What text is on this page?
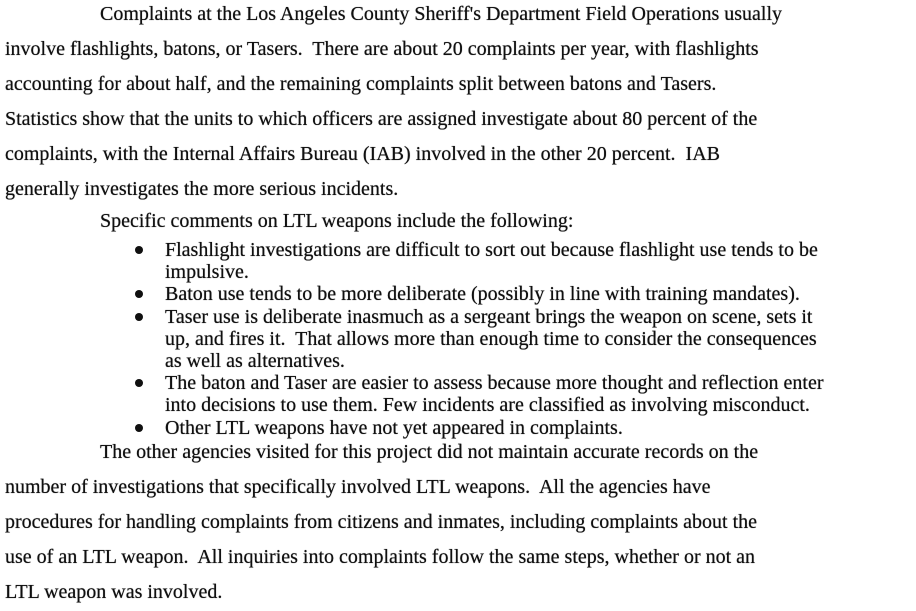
Complaints at the Los Angeles County Sheriff's Department Field Operations usually
involve flashlights, batons, or Tasers.  There are about 20 complaints per year, with flashlights
accounting for about half, and the remaining complaints split between batons and Tasers.
Statistics show that the units to which officers are assigned investigate about 80 percent of the
complaints, with the Internal Affairs Bureau (IAB) involved in the other 20 percent.  IAB
generally investigates the more serious incidents.
Specific comments on LTL weapons include the following:
Flashlight investigations are difficult to sort out because flashlight use tends to be
impulsive.
Baton use tends to be more deliberate (possibly in line with training mandates).
Taser use is deliberate inasmuch as a sergeant brings the weapon on scene, sets it
up, and fires it.  That allows more than enough time to consider the consequences
as well as alternatives.
The baton and Taser are easier to assess because more thought and reflection enter
into decisions to use them. Few incidents are classified as involving misconduct.
Other LTL weapons have not yet appeared in complaints.
The other agencies visited for this project did not maintain accurate records on the
number of investigations that specifically involved LTL weapons.  All the agencies have
procedures for handling complaints from citizens and inmates, including complaints about the
use of an LTL weapon.  All inquiries into complaints follow the same steps, whether or not an
LTL weapon was involved.
